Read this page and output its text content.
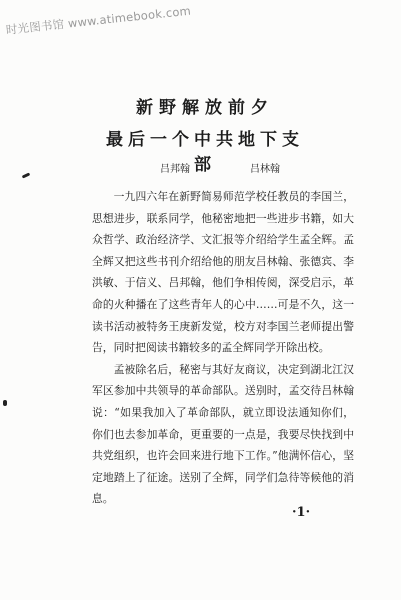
时光图书馆 www.atimebook.com
新野解放前夕
最后一个中共地下支部
吕邦翰	吕林翰

一九四六年在新野简易师范学校任教员的李国兰，思想进步，联系同学，他秘密地把一些进步书籍，如大众哲学、政治经济学、文汇报等介绍给学生孟全辉。孟全辉又把这些书刊介绍给他的朋友吕林翰、张德宾、李洪敏、于信义、吕邦翰，他们争相传阅，深受启示，革命的火种播在了这些青年人的心中……可是不久，这一读书活动被特务王庚新发觉，校方对李国兰老师提出警告，同时把阅读书籍较多的孟全辉同学开除出校。

孟被除名后，秘密与其好友商议，决定到湖北江汉军区参加中共领导的革命部队。送别时，孟交待吕林翰说：“如果我加入了革命部队，就立即设法通知你们，你们也去参加革命，更重要的一点是，我要尽快找到中共党组织，也许会回来进行地下工作。”他满怀信心，坚定地踏上了征途。送别了全辉，同学们急待等候他的消息。

·1·
